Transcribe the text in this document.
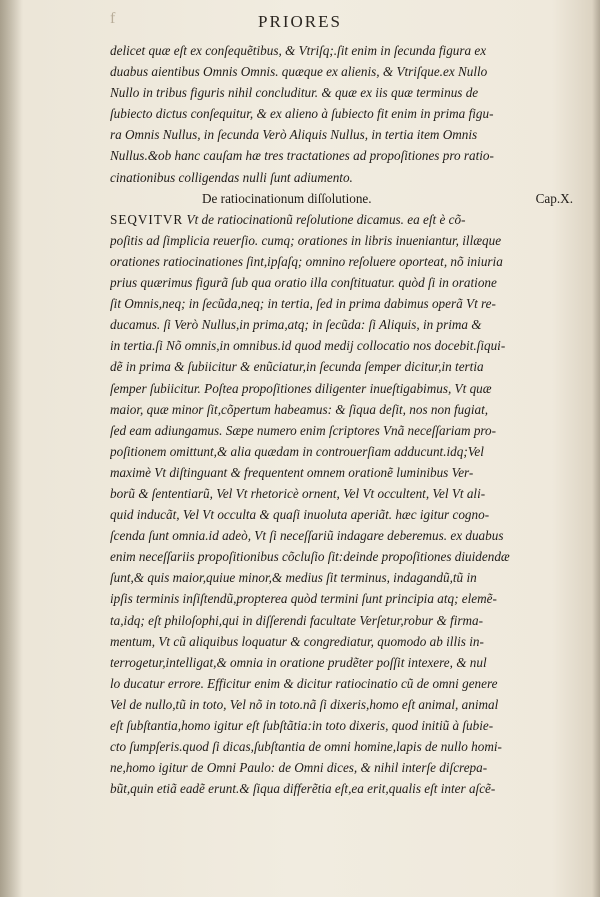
f	PRIORES
delicet quæ eſt ex conſequẽtibus, & Vtriſq;.ſit enim in ſecunda figura ex
duabus aientibus Omnis Omnis. quæque ex alienis, & Vtriſque.ex Nullo
Nullo in tribus figuris nihil concluditur. & quæ ex iis quæ terminus de
ſubiecto dictus conſequitur, & ex alieno à ſubiecto fit enim in prima figu-
ra Omnis Nullus, in ſecunda Verò Aliquis Nullus, in tertia item Omnis
Nullus.&ob hanc cauſam hæ tres tractationes ad propoſitiones pro ratio-
cinationibus colligendas nulli ſunt adiumento.
De ratiocinationum diſſolutione.	Cap.X.
SEQVITVR Vt de ratiocinationũ reſolutione dicamus. ea eſt è cõ-
poſitis ad ſimplicia reuerſio. cumq; orationes in libris inueniantur, illæque
orationes ratiocinationes ſint,ipſaſq; omnino reſoluere oporteat, nõ iniuria
prius quærimus figurã ſub qua oratio illa conſtituatur. quòd ſi in oratione
ſit Omnis,neq; in ſecũda,neq; in tertia, ſed in prima dabimus operã Vt re-
ducamus. ſi Verò Nullus,in prima,atq; in ſecũda: ſi Aliquis, in prima &
in tertia.ſi Nõ omnis,in omnibus.id quod medij collocatio nos docebit.ſiqui-
dẽ in prima & ſubiicitur & enũciatur,in ſecunda ſemper dicitur,in tertia
ſemper ſubiicitur. Poſtea propoſitiones diligenter inueſtigabimus, Vt quæ
maior, quæ minor ſit,cõpertum habeamus: & ſiqua deſit, nos non fugiat,
ſed eam adiungamus. Sæpe numero enim ſcriptores Vnã neceſſariam pro-
poſitionem omittunt,& alia quædam in controuerſiam adducunt.idq;Vel
maximè Vt diſtinguant & frequentent omnem orationẽ luminibus Ver-
borũ & ſententiarũ, Vel Vt rhetoricè ornent, Vel Vt occultent, Vel Vt ali-
quid inducãt, Vel Vt occulta & quaſi inuoluta aperiãt. hæc igitur cogno-
ſcenda ſunt omnia.id adeò, Vt ſi neceſſariũ indagare deberemus. ex duabus
enim neceſſariis propoſitionibus cõcluſio ſit:deinde propoſitiones diuidendæ
ſunt,& quis maior,quiue minor,& medius ſit terminus, indagandũ,tũ in
ipſis terminis inſiſtendũ,propterea quòd termini ſunt principia atq; elemẽ-
ta,idq; eſt philoſophi,qui in diſſerendi facultate Verſetur,robur & firma-
mentum, Vt cũ aliquibus loquatur & congrediatur, quomodo ab illis in-
terrogetur,intelligat,& omnia in oratione prudẽter poſſit intexere, & nul
lo ducatur errore. Efficitur enim & dicitur ratiocinatio cũ de omni genere
Vel de nullo,tũ in toto, Vel nõ in toto.nã ſi dixeris,homo eſt animal, animal
eſt ſubſtantia,homo igitur eſt ſubſtãtia:in toto dixeris, quod initiũ à ſubie-
cto ſumpſeris.quod ſi dicas,ſubſtantia de omni homine,lapis de nullo homi-
ne,homo igitur de Omni Paulo: de Omni dices, & nihil interſe diſcrepa-
bũt,quin etiã eadẽ erunt.& ſiqua differẽtia eſt,ea erit,qualis eſt inter aſcẽ-
